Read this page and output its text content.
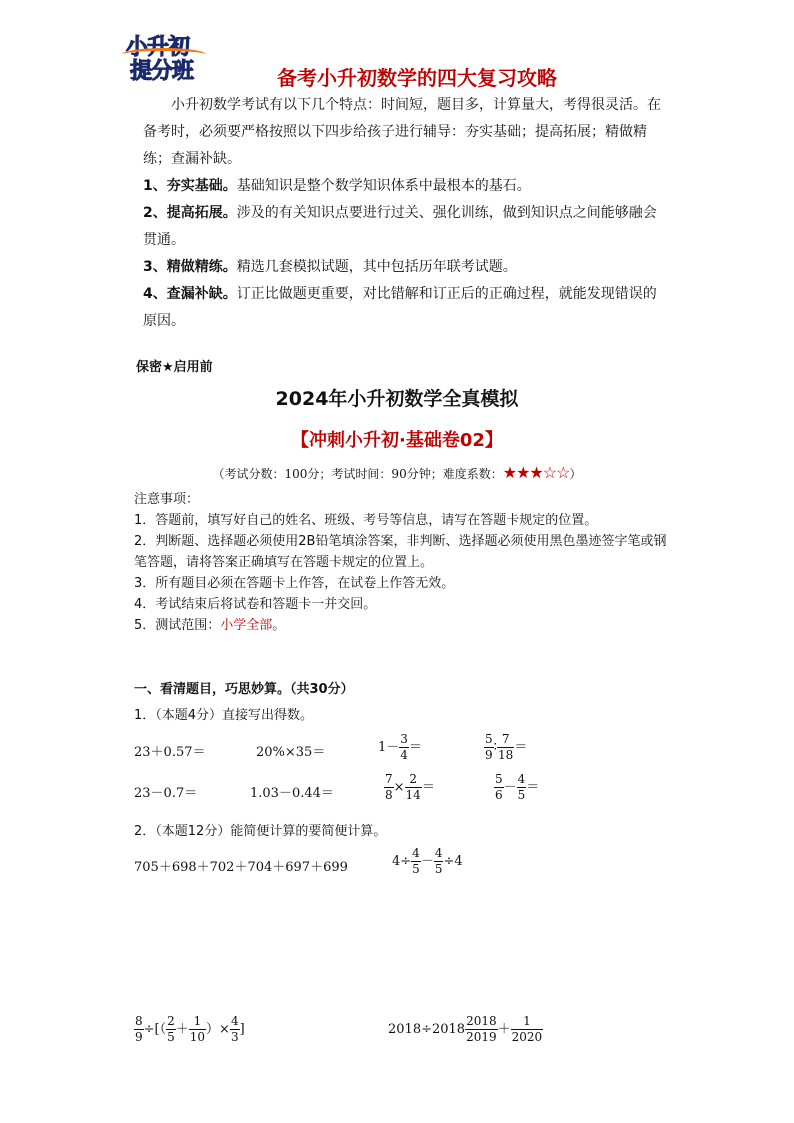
小升初
提分班	备考小升初数学的四大复习攻略
小升初数学考试有以下几个特点：时间短，题目多，计算量大，考得很灵活。在备考时，必须要严格按照以下四步给孩子进行辅导：夯实基础；提高拓展；精做精练；查漏补缺。
1、夯实基础。基础知识是整个数学知识体系中最根本的基石。
2、提高拓展。涉及的有关知识点要进行过关、强化训练，做到知识点之间能够融会贯通。
3、精做精练。精选几套模拟试题，其中包括历年联考试题。
4、查漏补缺。订正比做题更重要，对比错解和订正后的正确过程，就能发现错误的原因。
保密★启用前
2024年小升初数学全真模拟
【冲刺小升初·基础卷02】
（考试分数：100分；考试时间：90分钟；难度系数：★★★☆☆）
注意事项：
1．答题前，填写好自己的姓名、班级、考号等信息，请写在答题卡规定的位置。
2．判断题、选择题必须使用2B铅笔填涂答案，非判断、选择题必须使用黑色墨迹签字笔或钢笔答题，请将答案正确填写在答题卡规定的位置上。
3．所有题目必须在答题卡上作答，在试卷上作答无效。
4．考试结束后将试卷和答题卡一并交回。
5．测试范围：小学全部。
一、看清题目，巧思妙算。（共30分）
1．（本题4分）直接写出得数。
23＋0.57＝	20%×35＝	$1- \frac{3}{4}$ ＝	$\frac{5}{9}$ ∶ $\frac{7}{18}$ ＝
23－0.7＝	1.03－0.44＝	$\frac{7}{8} \times \frac{2}{14}$ ＝	$\frac{5}{6} - \frac{4}{5}$ ＝
2．（本题12分）能简便计算的要简便计算。
705＋698＋702＋704＋697＋699	$4\div \frac{4}{5} - \frac{4}{5} \div 4$
$\frac{8}{9}$ ÷[（ $\frac{2}{5} + \frac{1}{10}$ ）× $\frac{4}{3}$ ]	$2018\div 2018 \frac{2018}{2019} + \frac{1}{2020}$
